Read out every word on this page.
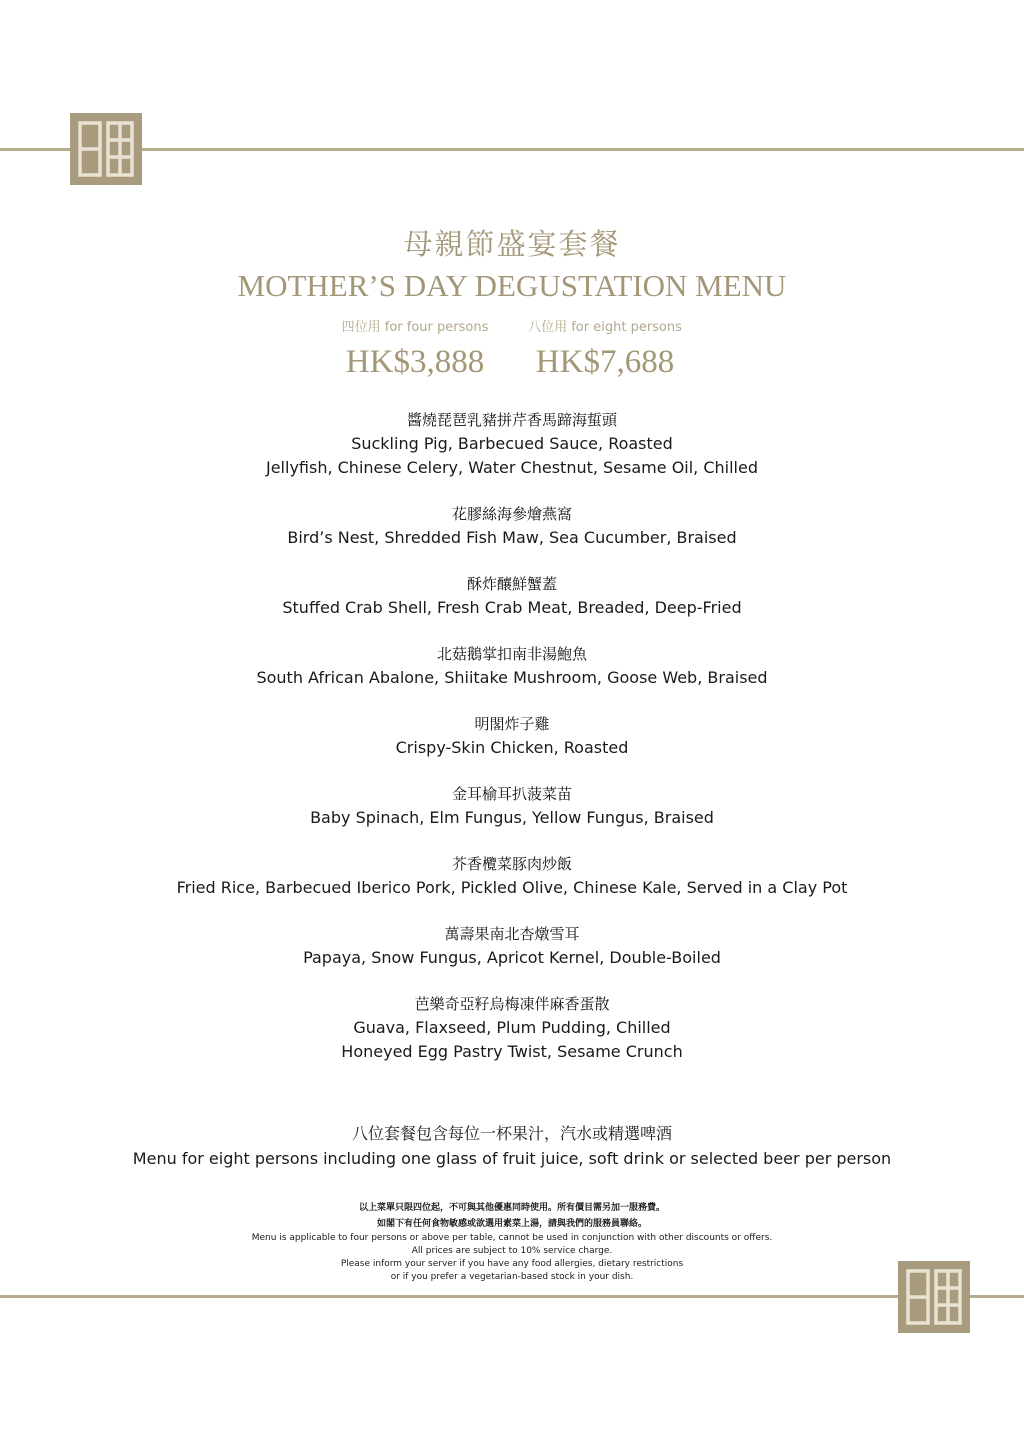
母親節盛宴套餐
MOTHER’S DAY DEGUSTATION MENU
四位用 for four persons
HK$3,888
八位用 for eight persons
HK$7,688
醬燒琵琶乳豬拼芹香馬蹄海蜇頭
Suckling Pig, Barbecued Sauce, Roasted
Jellyfish, Chinese Celery, Water Chestnut, Sesame Oil, Chilled
花膠絲海參燴燕窩
Bird’s Nest, Shredded Fish Maw, Sea Cucumber, Braised
酥炸釀鮮蟹蓋
Stuffed Crab Shell, Fresh Crab Meat, Breaded, Deep-Fried
北菇鵝掌扣南非湯鮑魚
South African Abalone, Shiitake Mushroom, Goose Web, Braised
明閣炸子雞
Crispy-Skin Chicken, Roasted
金耳榆耳扒菠菜苗
Baby Spinach, Elm Fungus, Yellow Fungus, Braised
芥香欖菜豚肉炒飯
Fried Rice, Barbecued Iberico Pork, Pickled Olive, Chinese Kale, Served in a Clay Pot
萬壽果南北杏燉雪耳
Papaya, Snow Fungus, Apricot Kernel, Double-Boiled
芭樂奇亞籽烏梅凍伴麻香蛋散
Guava, Flaxseed, Plum Pudding, Chilled
Honeyed Egg Pastry Twist, Sesame Crunch
八位套餐包含每位一杯果汁，汽水或精選啤酒
Menu for eight persons including one glass of fruit juice, soft drink or selected beer per person
以上菜單只限四位起，不可與其他優惠同時使用。所有價目需另加一服務費。
如閣下有任何食物敏感或欲選用素菜上湯，請與我們的服務員聯絡。
Menu is applicable to four persons or above per table, cannot be used in conjunction with other discounts or offers.
All prices are subject to 10% service charge.
Please inform your server if you have any food allergies, dietary restrictions
or if you prefer a vegetarian-based stock in your dish.
